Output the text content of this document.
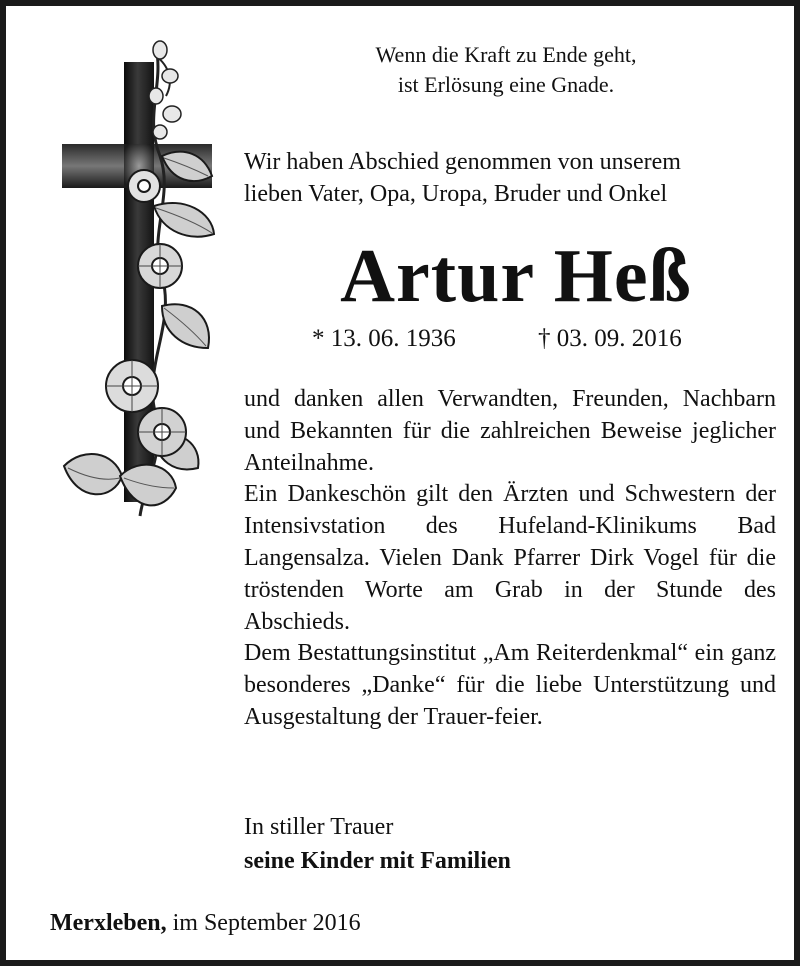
Wenn die Kraft zu Ende geht,
ist Erlösung eine Gnade.
Wir haben Abschied genommen von unserem
lieben Vater, Opa, Uropa, Bruder und Onkel
Artur Heß
* 13. 06. 1936	† 03. 09. 2016

und danken allen Verwandten, Freunden, Nachbarn und Bekannten für die zahlreichen Beweise jeglicher Anteilnahme.

Ein Dankeschön gilt den Ärzten und Schwestern der Intensivstation des Hufeland-Klinikums Bad Langensalza. Vielen Dank Pfarrer Dirk Vogel für die tröstenden Worte am Grab in der Stunde des Abschieds.

Dem Bestattungsinstitut „Am Reiterdenkmal“ ein ganz besonderes „Danke“ für die liebe Unterstützung und Ausgestaltung der Trauer-feier.

In stiller Trauer
seine Kinder mit Familien
Merxleben, im September 2016
